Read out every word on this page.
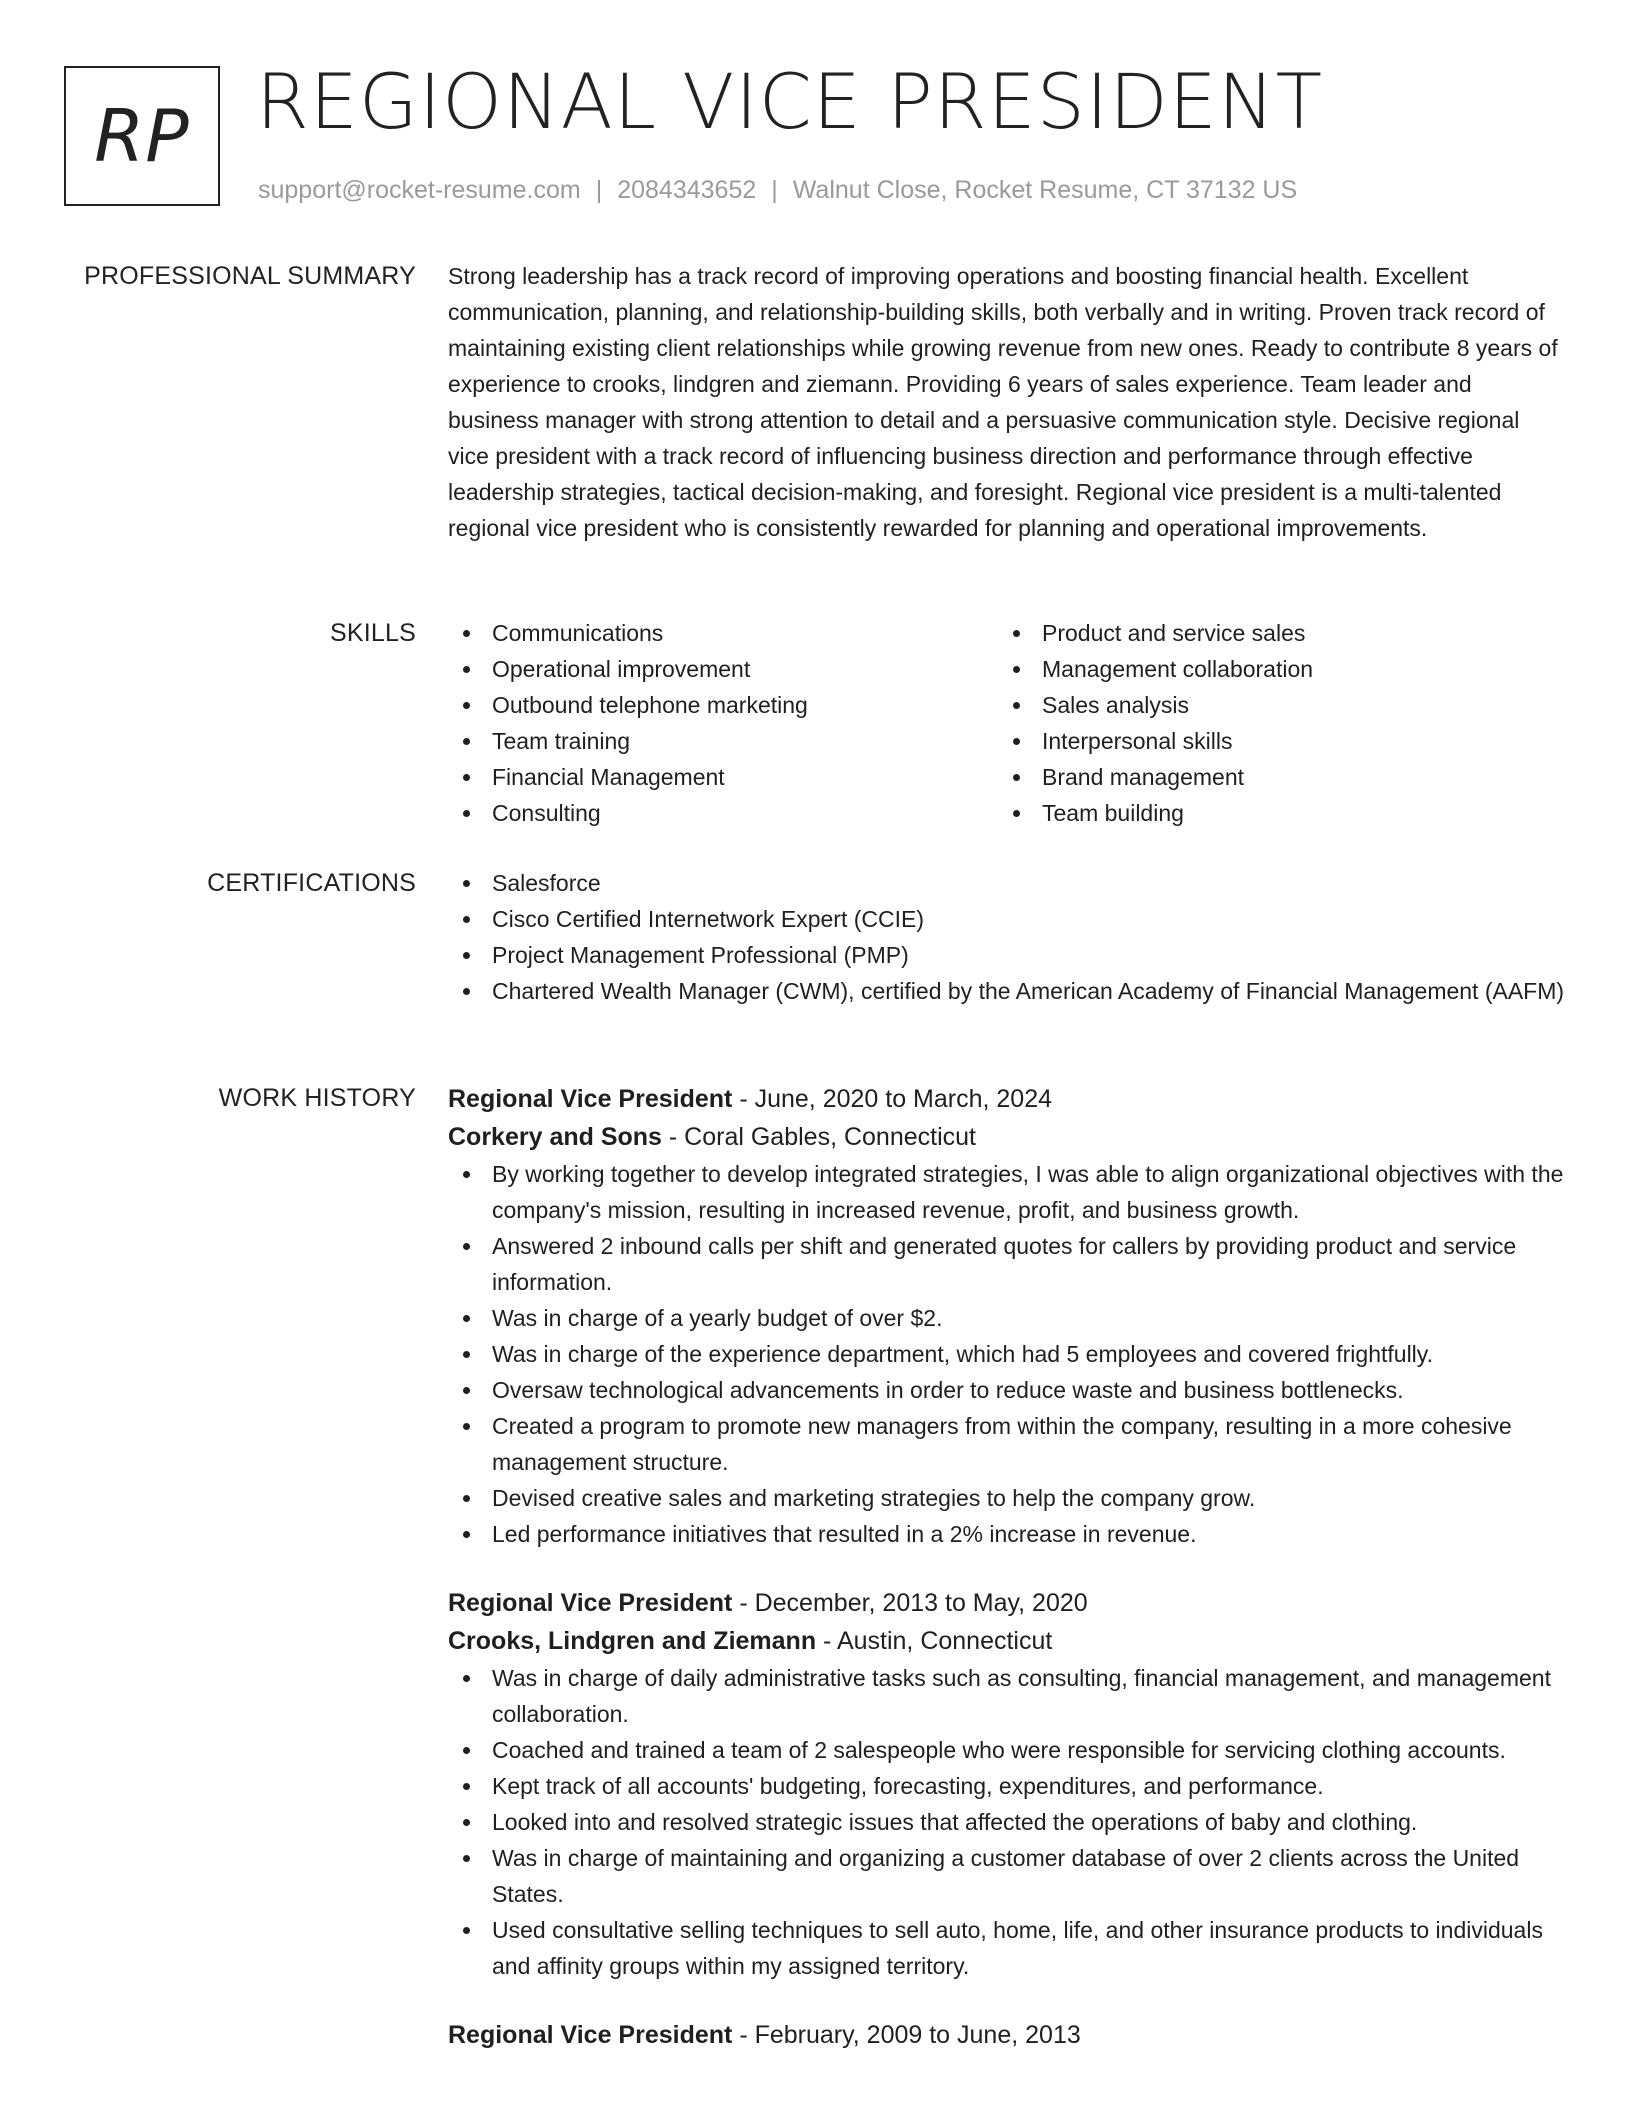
RP REGIONAL VICE PRESIDENT
support@rocket-resume.com | 2084343652 | Walnut Close, Rocket Resume, CT 37132 US
PROFESSIONAL SUMMARY Strong leadership has a track record of improving operations and boosting financial health. Excellent communication, planning, and relationship-building skills, both verbally and in writing. Proven track record of maintaining existing client relationships while growing revenue from new ones. Ready to contribute 8 years of experience to crooks, lindgren and ziemann. Providing 6 years of sales experience. Team leader and business manager with strong attention to detail and a persuasive communication style. Decisive regional vice president with a track record of influencing business direction and performance through effective leadership strategies, tactical decision-making, and foresight. Regional vice president is a multi-talented regional vice president who is consistently rewarded for planning and operational improvements.

SKILLS	Communications
Operational improvement
Outbound telephone marketing
Team training
Financial Management
Consulting
Product and service sales
Management collaboration
Sales analysis
Interpersonal skills
Brand management
Team building
CERTIFICATIONS	Salesforce
Cisco Certified Internetwork Expert (CCIE)
Project Management Professional (PMP)
Chartered Wealth Manager (CWM), certified by the American Academy of Financial Management (AAFM)
WORK HISTORY Regional Vice President - June, 2020 to March, 2024
Corkery and Sons - Coral Gables, Connecticut
By working together to develop integrated strategies, I was able to align organizational objectives with the company's mission, resulting in increased revenue, profit, and business growth.
Answered 2 inbound calls per shift and generated quotes for callers by providing product and service information.
Was in charge of a yearly budget of over $2.
Was in charge of the experience department, which had 5 employees and covered frightfully.
Oversaw technological advancements in order to reduce waste and business bottlenecks.
Created a program to promote new managers from within the company, resulting in a more cohesive management structure.
Devised creative sales and marketing strategies to help the company grow.
Led performance initiatives that resulted in a 2% increase in revenue.
Regional Vice President - December, 2013 to May, 2020
Crooks, Lindgren and Ziemann - Austin, Connecticut
Was in charge of daily administrative tasks such as consulting, financial management, and management collaboration.
Coached and trained a team of 2 salespeople who were responsible for servicing clothing accounts.
Kept track of all accounts' budgeting, forecasting, expenditures, and performance.
Looked into and resolved strategic issues that affected the operations of baby and clothing.
Was in charge of maintaining and organizing a customer database of over 2 clients across the United States.
Used consultative selling techniques to sell auto, home, life, and other insurance products to individuals and affinity groups within my assigned territory.
Regional Vice President - February, 2009 to June, 2013
